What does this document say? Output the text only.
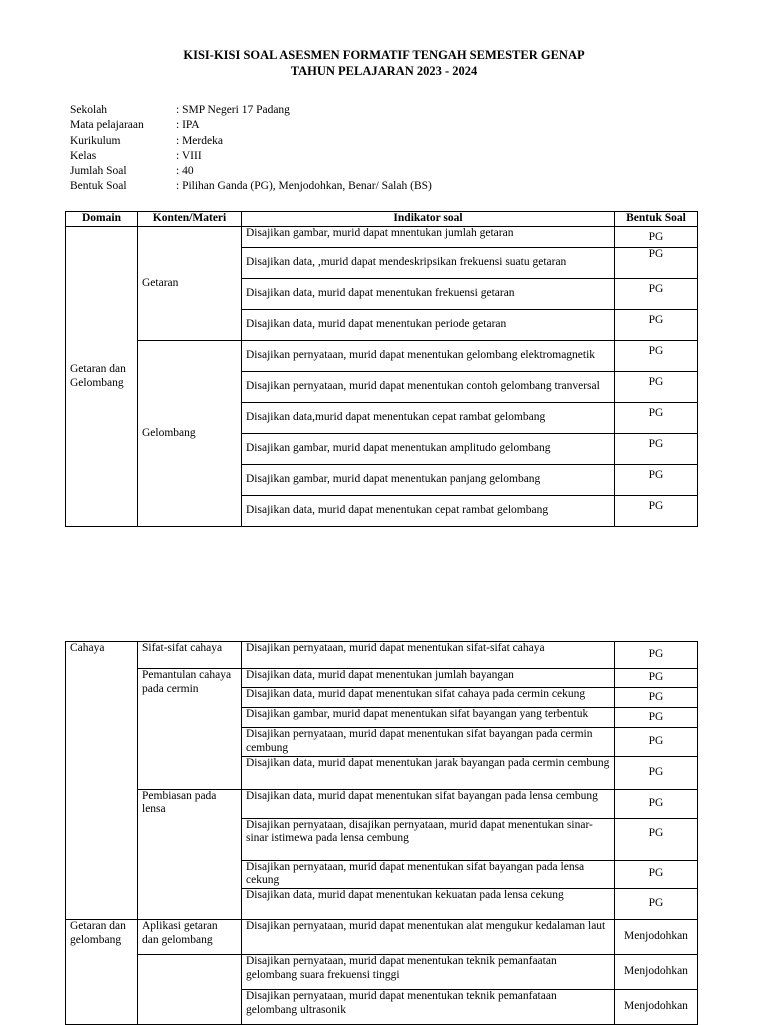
KISI-KISI SOAL ASESMEN FORMATIF TENGAH SEMESTER GENAP
TAHUN PELAJARAN 2023 - 2024
Sekolah	: SMP Negeri 17 Padang
Mata pelajaraan	: IPA
Kurikulum	: Merdeka
Kelas	: VIII
Jumlah Soal	: 40
Bentuk Soal	: Pilihan Ganda (PG), Menjodohkan, Benar/ Salah (BS)
Domain	Konten/Materi	Indikator soal	Bentuk Soal
Getaran dan Gelombang	Getaran	Disajikan gambar, murid dapat mnentukan jumlah getaran	PG
		Disajikan data, ,murid dapat mendeskripsikan frekuensi suatu getaran	PG
		Disajikan data, murid dapat menentukan frekuensi getaran	PG
		Disajikan data, murid dapat menentukan periode getaran	PG
	Gelombang	Disajikan pernyataan, murid dapat menentukan gelombang elektromagnetik	PG
		Disajikan pernyataan, murid dapat menentukan contoh gelombang tranversal	PG
		Disajikan data,murid dapat menentukan cepat rambat gelombang	PG
		Disajikan gambar, murid dapat menentukan amplitudo gelombang	PG
		Disajikan gambar, murid dapat menentukan panjang gelombang	PG
		Disajikan data, murid dapat menentukan cepat rambat gelombang	PG
Cahaya	Sifat-sifat cahaya	Disajikan pernyataan, murid dapat menentukan sifat-sifat cahaya	PG
	Pemantulan cahaya pada cermin	Disajikan data, murid dapat menentukan jumlah bayangan	PG
		Disajikan data, murid dapat menentukan sifat cahaya pada cermin cekung	PG
		Disajikan gambar, murid dapat menentukan sifat bayangan yang terbentuk	PG
		Disajikan pernyataan, murid dapat menentukan sifat bayangan pada cermin cembung	PG
		Disajikan data, murid dapat menentukan jarak bayangan pada cermin cembung	PG
	Pembiasan pada lensa	Disajikan data, murid dapat menentukan sifat bayangan pada lensa cembung	PG
		Disajikan pernyataan, disajikan pernyataan, murid dapat menentukan sinar-sinar istimewa pada lensa cembung	PG
		Disajikan pernyataan, murid dapat menentukan sifat bayangan pada lensa cekung	PG
		Disajikan data, murid dapat menentukan kekuatan pada lensa cekung	PG
Getaran dan gelombang	Aplikasi getaran dan gelombang	Disajikan pernyataan, murid dapat menentukan alat mengukur kedalaman laut	Menjodohkan
		Disajikan pernyataan, murid dapat menentukan teknik pemanfaatan gelombang suara frekuensi tinggi	Menjodohkan
		Disajikan pernyataan, murid dapat menentukan teknik pemanfataan gelombang ultrasonik	Menjodohkan
